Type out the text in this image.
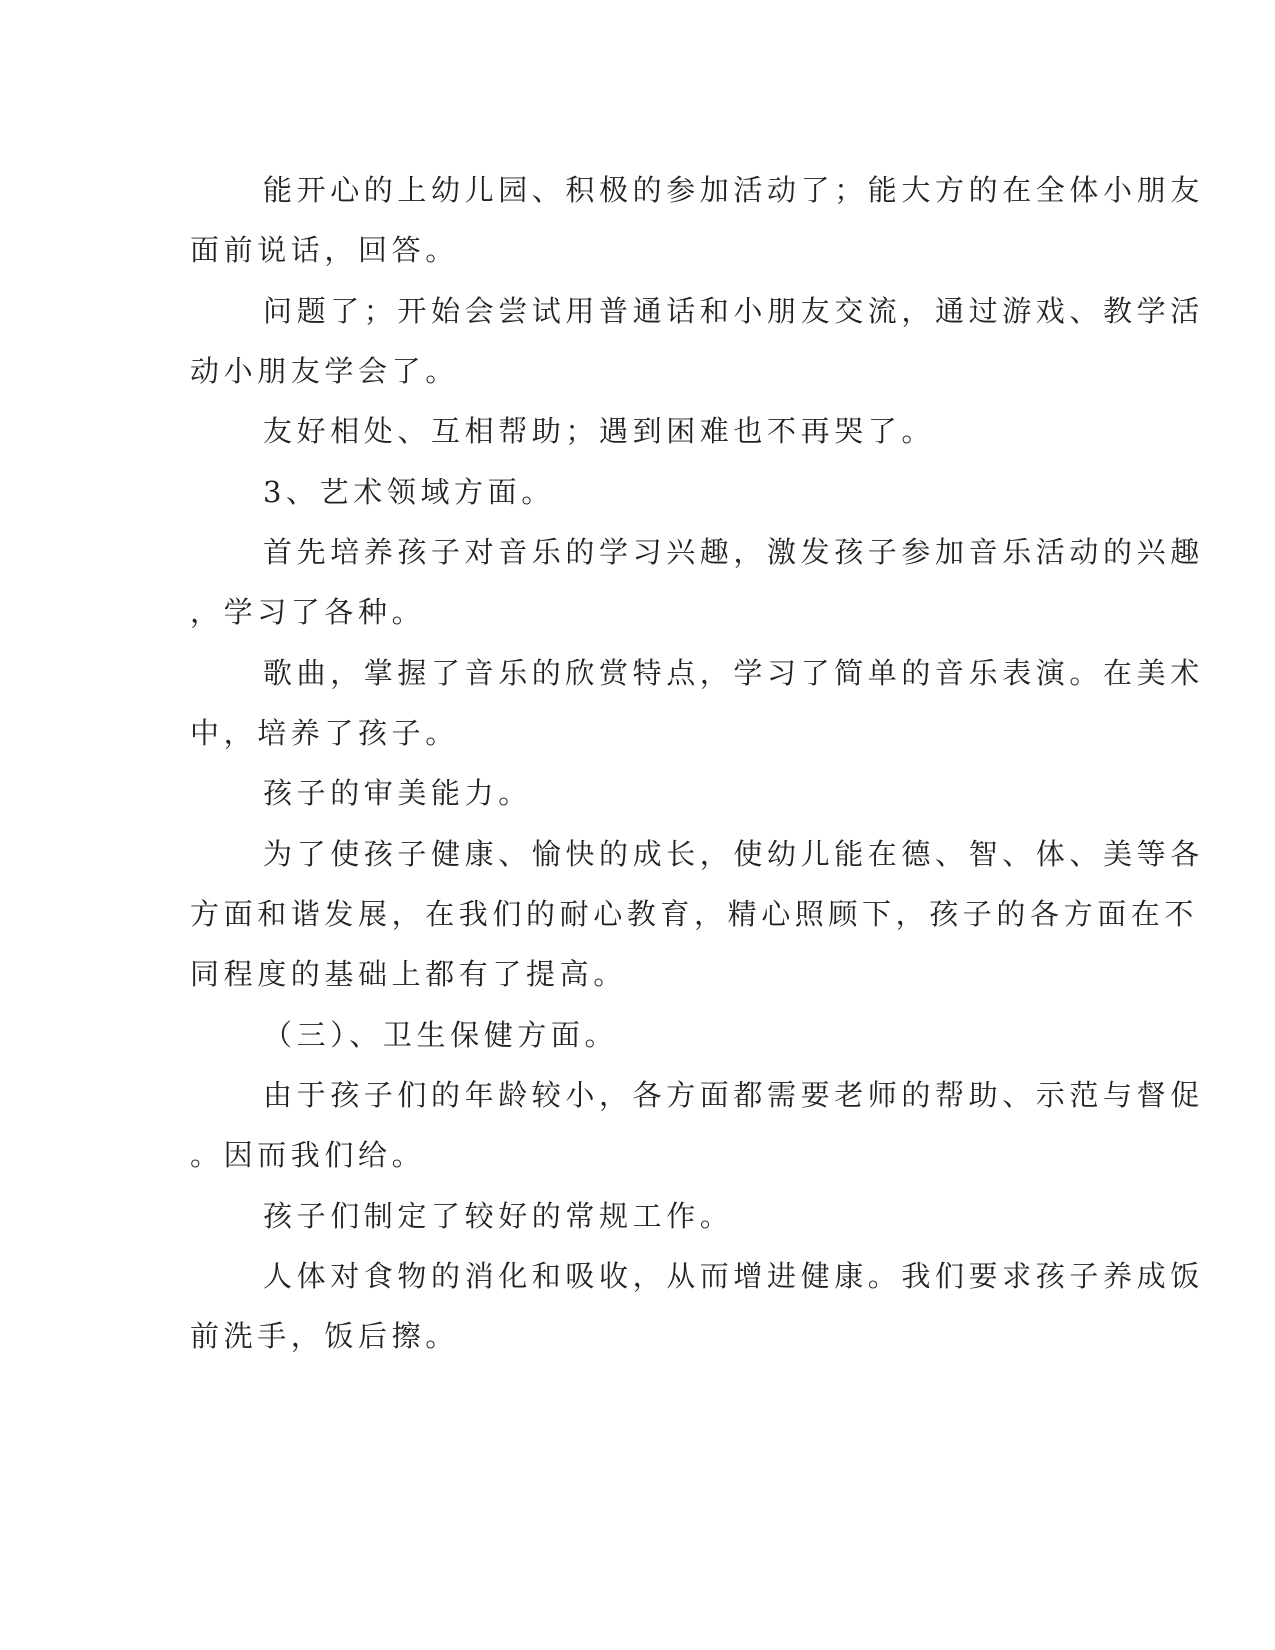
能开心的上幼儿园、积极的参加活动了；能大方的在全体小朋友
面前说话，回答。
问题了；开始会尝试用普通话和小朋友交流，通过游戏、教学活
动小朋友学会了。
友好相处、互相帮助；遇到困难也不再哭了。
3、艺术领域方面。
首先培养孩子对音乐的学习兴趣，激发孩子参加音乐活动的兴趣
，学习了各种。
歌曲，掌握了音乐的欣赏特点，学习了简单的音乐表演。在美术
中，培养了孩子。
孩子的审美能力。
为了使孩子健康、愉快的成长，使幼儿能在德、智、体、美等各
方面和谐发展，在我们的耐心教育，精心照顾下，孩子的各方面在不
同程度的基础上都有了提高。
（三）、卫生保健方面。
由于孩子们的年龄较小，各方面都需要老师的帮助、示范与督促
。因而我们给。
孩子们制定了较好的常规工作。
人体对食物的消化和吸收，从而增进健康。我们要求孩子养成饭
前洗手，饭后擦。
